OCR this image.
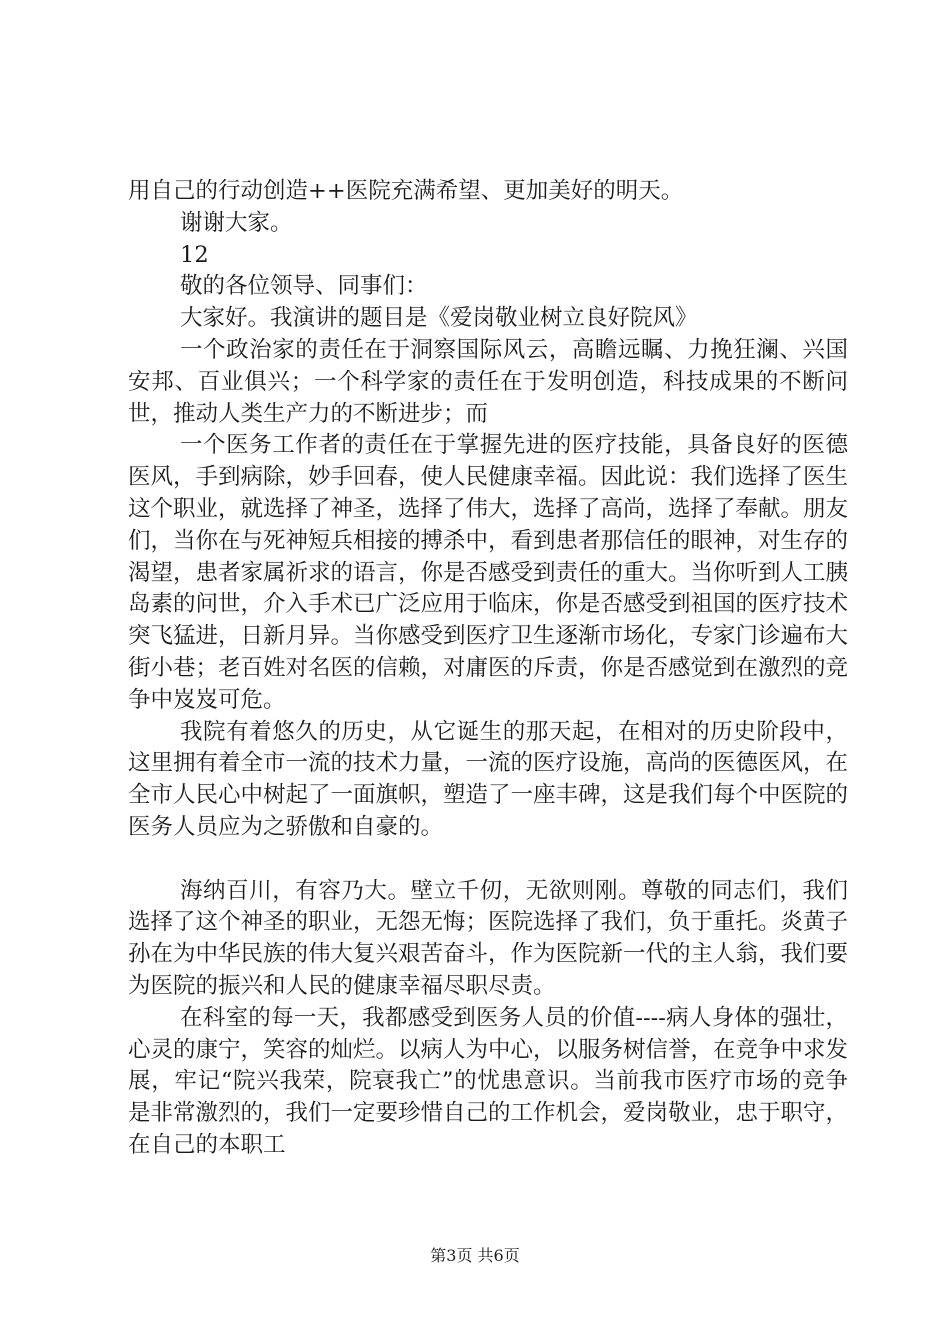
用自己的行动创造++医院充满希望、更加美好的明天。

谢谢大家。

12

敬的各位领导、同事们：

大家好。我演讲的题目是《爱岗敬业树立良好院风》

一个政治家的责任在于洞察国际风云，高瞻远瞩、力挽狂澜、兴国安邦、百业俱兴；一个科学家的责任在于发明创造，科技成果的不断问世，推动人类生产力的不断进步；而

一个医务工作者的责任在于掌握先进的医疗技能，具备良好的医德医风，手到病除，妙手回春，使人民健康幸福。因此说：我们选择了医生这个职业，就选择了神圣，选择了伟大，选择了高尚，选择了奉献。朋友们，当你在与死神短兵相接的搏杀中，看到患者那信任的眼神，对生存的渴望，患者家属祈求的语言，你是否感受到责任的重大。当你听到人工胰岛素的问世，介入手术已广泛应用于临床，你是否感受到祖国的医疗技术突飞猛进，日新月异。当你感受到医疗卫生逐渐市场化，专家门诊遍布大街小巷；老百姓对名医的信赖，对庸医的斥责，你是否感觉到在激烈的竞争中岌岌可危。

我院有着悠久的历史，从它诞生的那天起，在相对的历史阶段中，这里拥有着全市一流的技术力量，一流的医疗设施，高尚的医德医风，在全市人民心中树起了一面旗帜，塑造了一座丰碑，这是我们每个中医院的医务人员应为之骄傲和自豪的。

海纳百川，有容乃大。壁立千仞，无欲则刚。尊敬的同志们，我们选择了这个神圣的职业，无怨无悔；医院选择了我们，负于重托。炎黄子孙在为中华民族的伟大复兴艰苦奋斗，作为医院新一代的主人翁，我们要为医院的振兴和人民的健康幸福尽职尽责。

在科室的每一天，我都感受到医务人员的价值----病人身体的强壮，心灵的康宁，笑容的灿烂。以病人为中心，以服务树信誉，在竞争中求发展，牢记“院兴我荣，院衰我亡”的忧患意识。当前我市医疗市场的竞争是非常激烈的，我们一定要珍惜自己的工作机会，爱岗敬业，忠于职守，在自己的本职工

第3页 共6页
